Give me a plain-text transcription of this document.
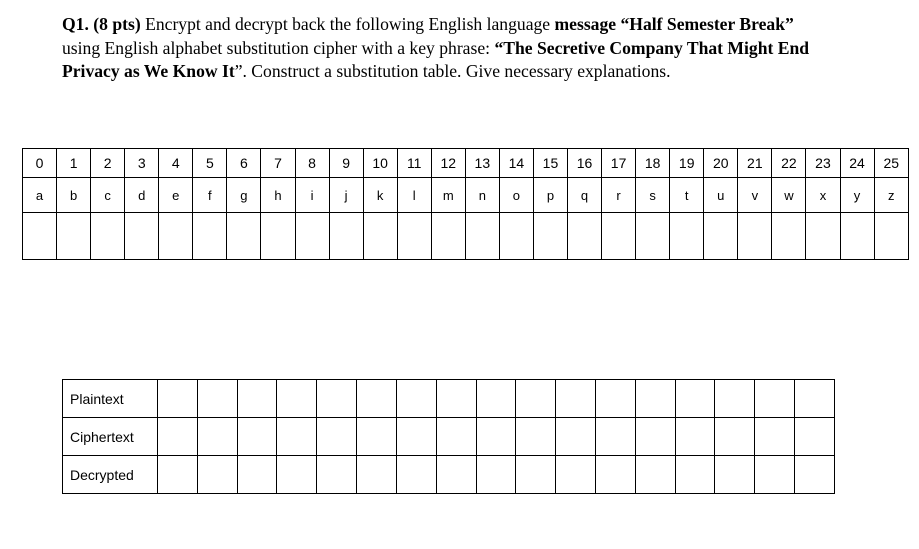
Q1. (8 pts) Encrypt and decrypt back the following English language message “Half Semester Break” using English alphabet substitution cipher with a key phrase: “The Secretive Company That Might End Privacy as We Know It”. Construct a substitution table. Give necessary explanations.
0	1	2	3	4	5	6	7	8	9	10	11	12	13	14	15	16	17	18	19	20	21	22	23	24	25
a	b	c	d	e	f	g	h	i	j	k	l	m	n	o	p	q	r	s	t	u	v	w	x	y	z

Plaintext																	
Ciphertext																	
Decrypted																	
